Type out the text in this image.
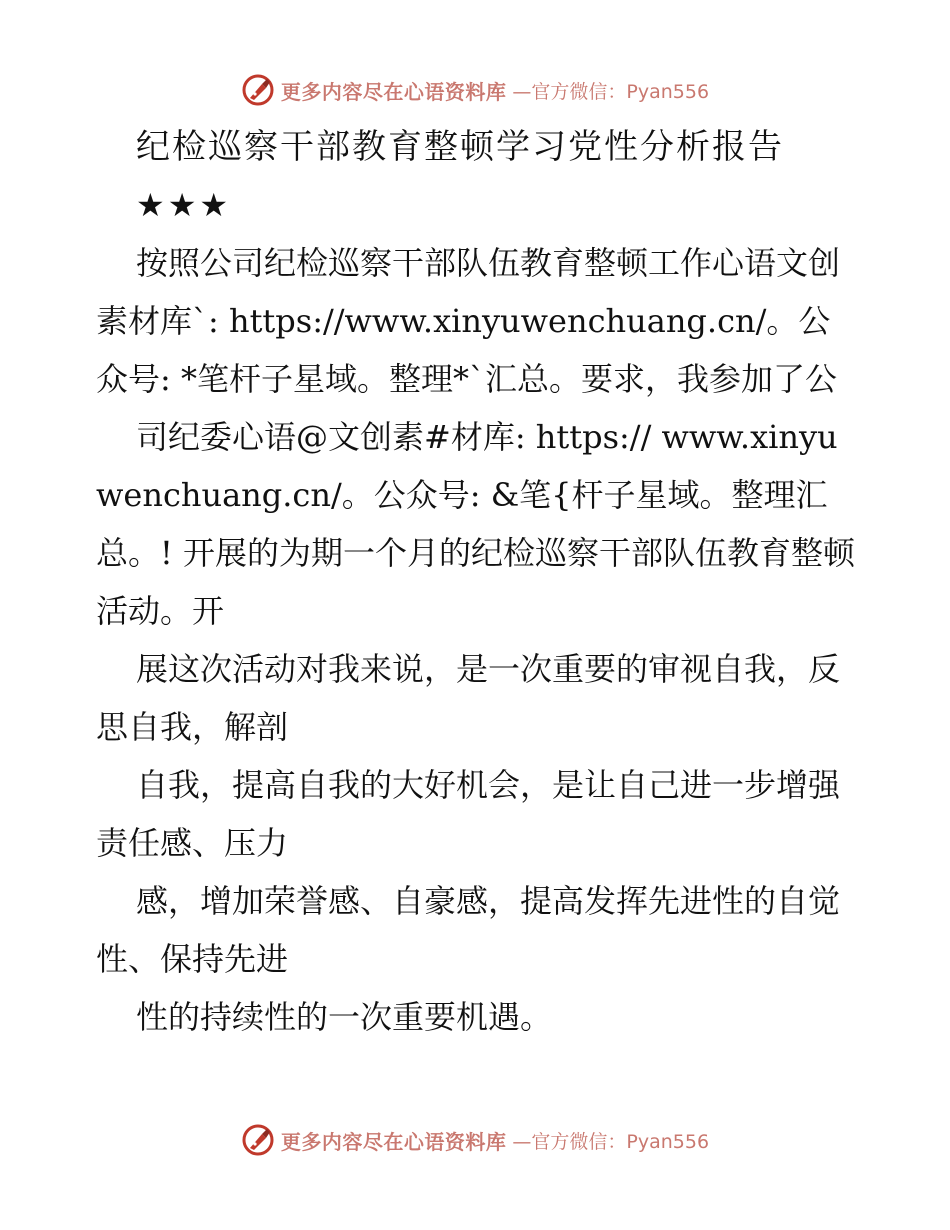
更多内容尽在心语资料库 —官方微信：Pyan556
纪检巡察干部教育整顿学习党性分析报告
★★★

按照公司纪检巡察干部队伍教育整顿工作心语文创素材库`: https://www.xinyuwenchuang.cn/。公众号: *笔杆子星域。整理*`汇总。要求，我参加了公

司纪委心语@文创素#材库: https:// www.xinyuwenchuang.cn/。公众号: &笔{杆子星域。整理汇总。! 开展的为期一个月的纪检巡察干部队伍教育整顿活动。开

展这次活动对我来说，是一次重要的审视自我，反思自我，解剖

自我，提高自我的大好机会，是让自己进一步增强责任感、压力

感，增加荣誉感、自豪感，提高发挥先进性的自觉性、保持先进

性的持续性的一次重要机遇。

更多内容尽在心语资料库 —官方微信：Pyan556
